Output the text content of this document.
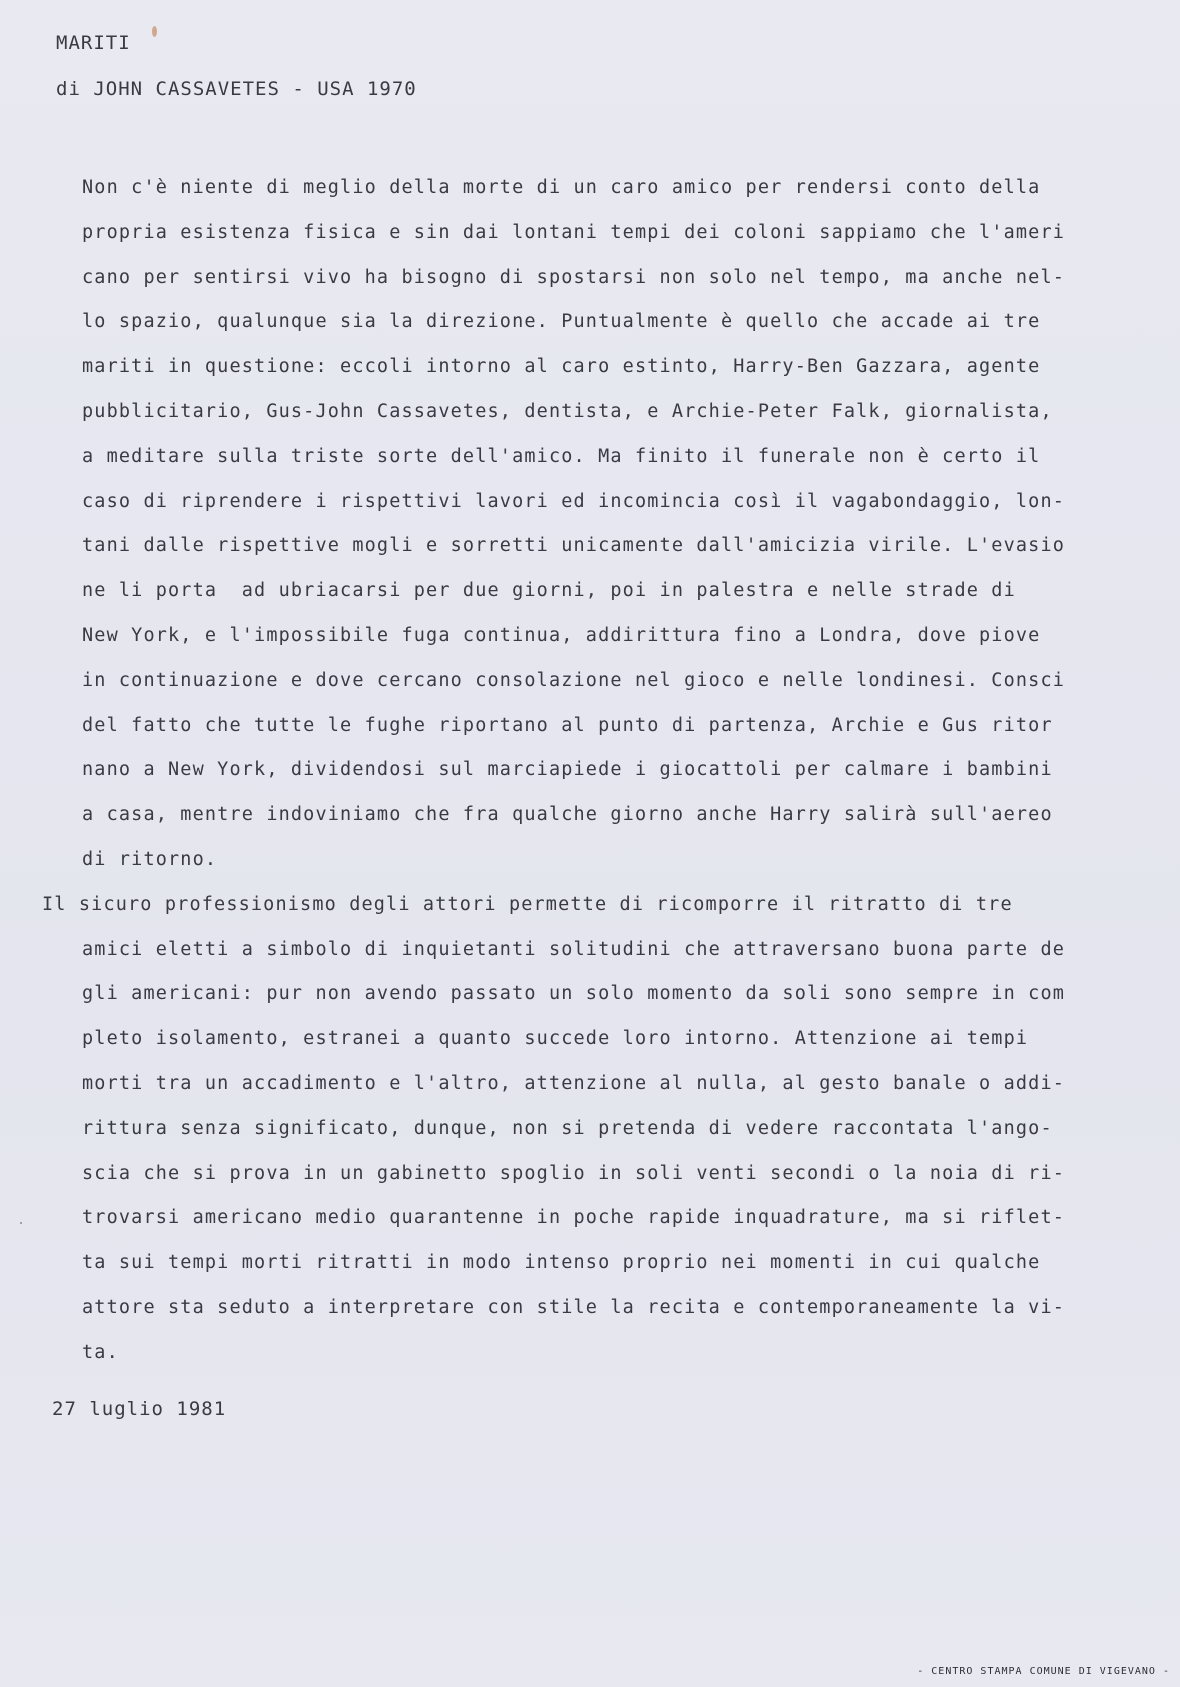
MARITI
di JOHN CASSAVETES - USA 1970
Non c'è niente di meglio della morte di un caro amico per rendersi conto della
propria esistenza fisica e sin dai lontani tempi dei coloni sappiamo che l'ameri
cano per sentirsi vivo ha bisogno di spostarsi non solo nel tempo, ma anche nel-
lo spazio, qualunque sia la direzione. Puntualmente è quello che accade ai tre
mariti in questione: eccoli intorno al caro estinto, Harry-Ben Gazzara, agente
pubblicitario, Gus-John Cassavetes, dentista, e Archie-Peter Falk, giornalista,
a meditare sulla triste sorte dell'amico. Ma finito il funerale non è certo il
caso di riprendere i rispettivi lavori ed incomincia così il vagabondaggio, lon-
tani dalle rispettive mogli e sorretti unicamente dall'amicizia virile. L'evasio
ne li porta  ad ubriacarsi per due giorni, poi in palestra e nelle strade di
New York, e l'impossibile fuga continua, addirittura fino a Londra, dove piove
in continuazione e dove cercano consolazione nel gioco e nelle londinesi. Consci
del fatto che tutte le fughe riportano al punto di partenza, Archie e Gus ritor
nano a New York, dividendosi sul marciapiede i giocattoli per calmare i bambini
a casa, mentre indoviniamo che fra qualche giorno anche Harry salirà sull'aereo
di ritorno.
Il sicuro professionismo degli attori permette di ricomporre il ritratto di tre
amici eletti a simbolo di inquietanti solitudini che attraversano buona parte de
gli americani: pur non avendo passato un solo momento da soli sono sempre in com
pleto isolamento, estranei a quanto succede loro intorno. Attenzione ai tempi
morti tra un accadimento e l'altro, attenzione al nulla, al gesto banale o addi-
rittura senza significato, dunque, non si pretenda di vedere raccontata l'ango-
scia che si prova in un gabinetto spoglio in soli venti secondi o la noia di ri-
trovarsi americano medio quarantenne in poche rapide inquadrature, ma si riflet-
ta sui tempi morti ritratti in modo intenso proprio nei momenti in cui qualche
attore sta seduto a interpretare con stile la recita e contemporaneamente la vi-
ta.
27 luglio 1981
- CENTRO STAMPA COMUNE DI VIGEVANO -
